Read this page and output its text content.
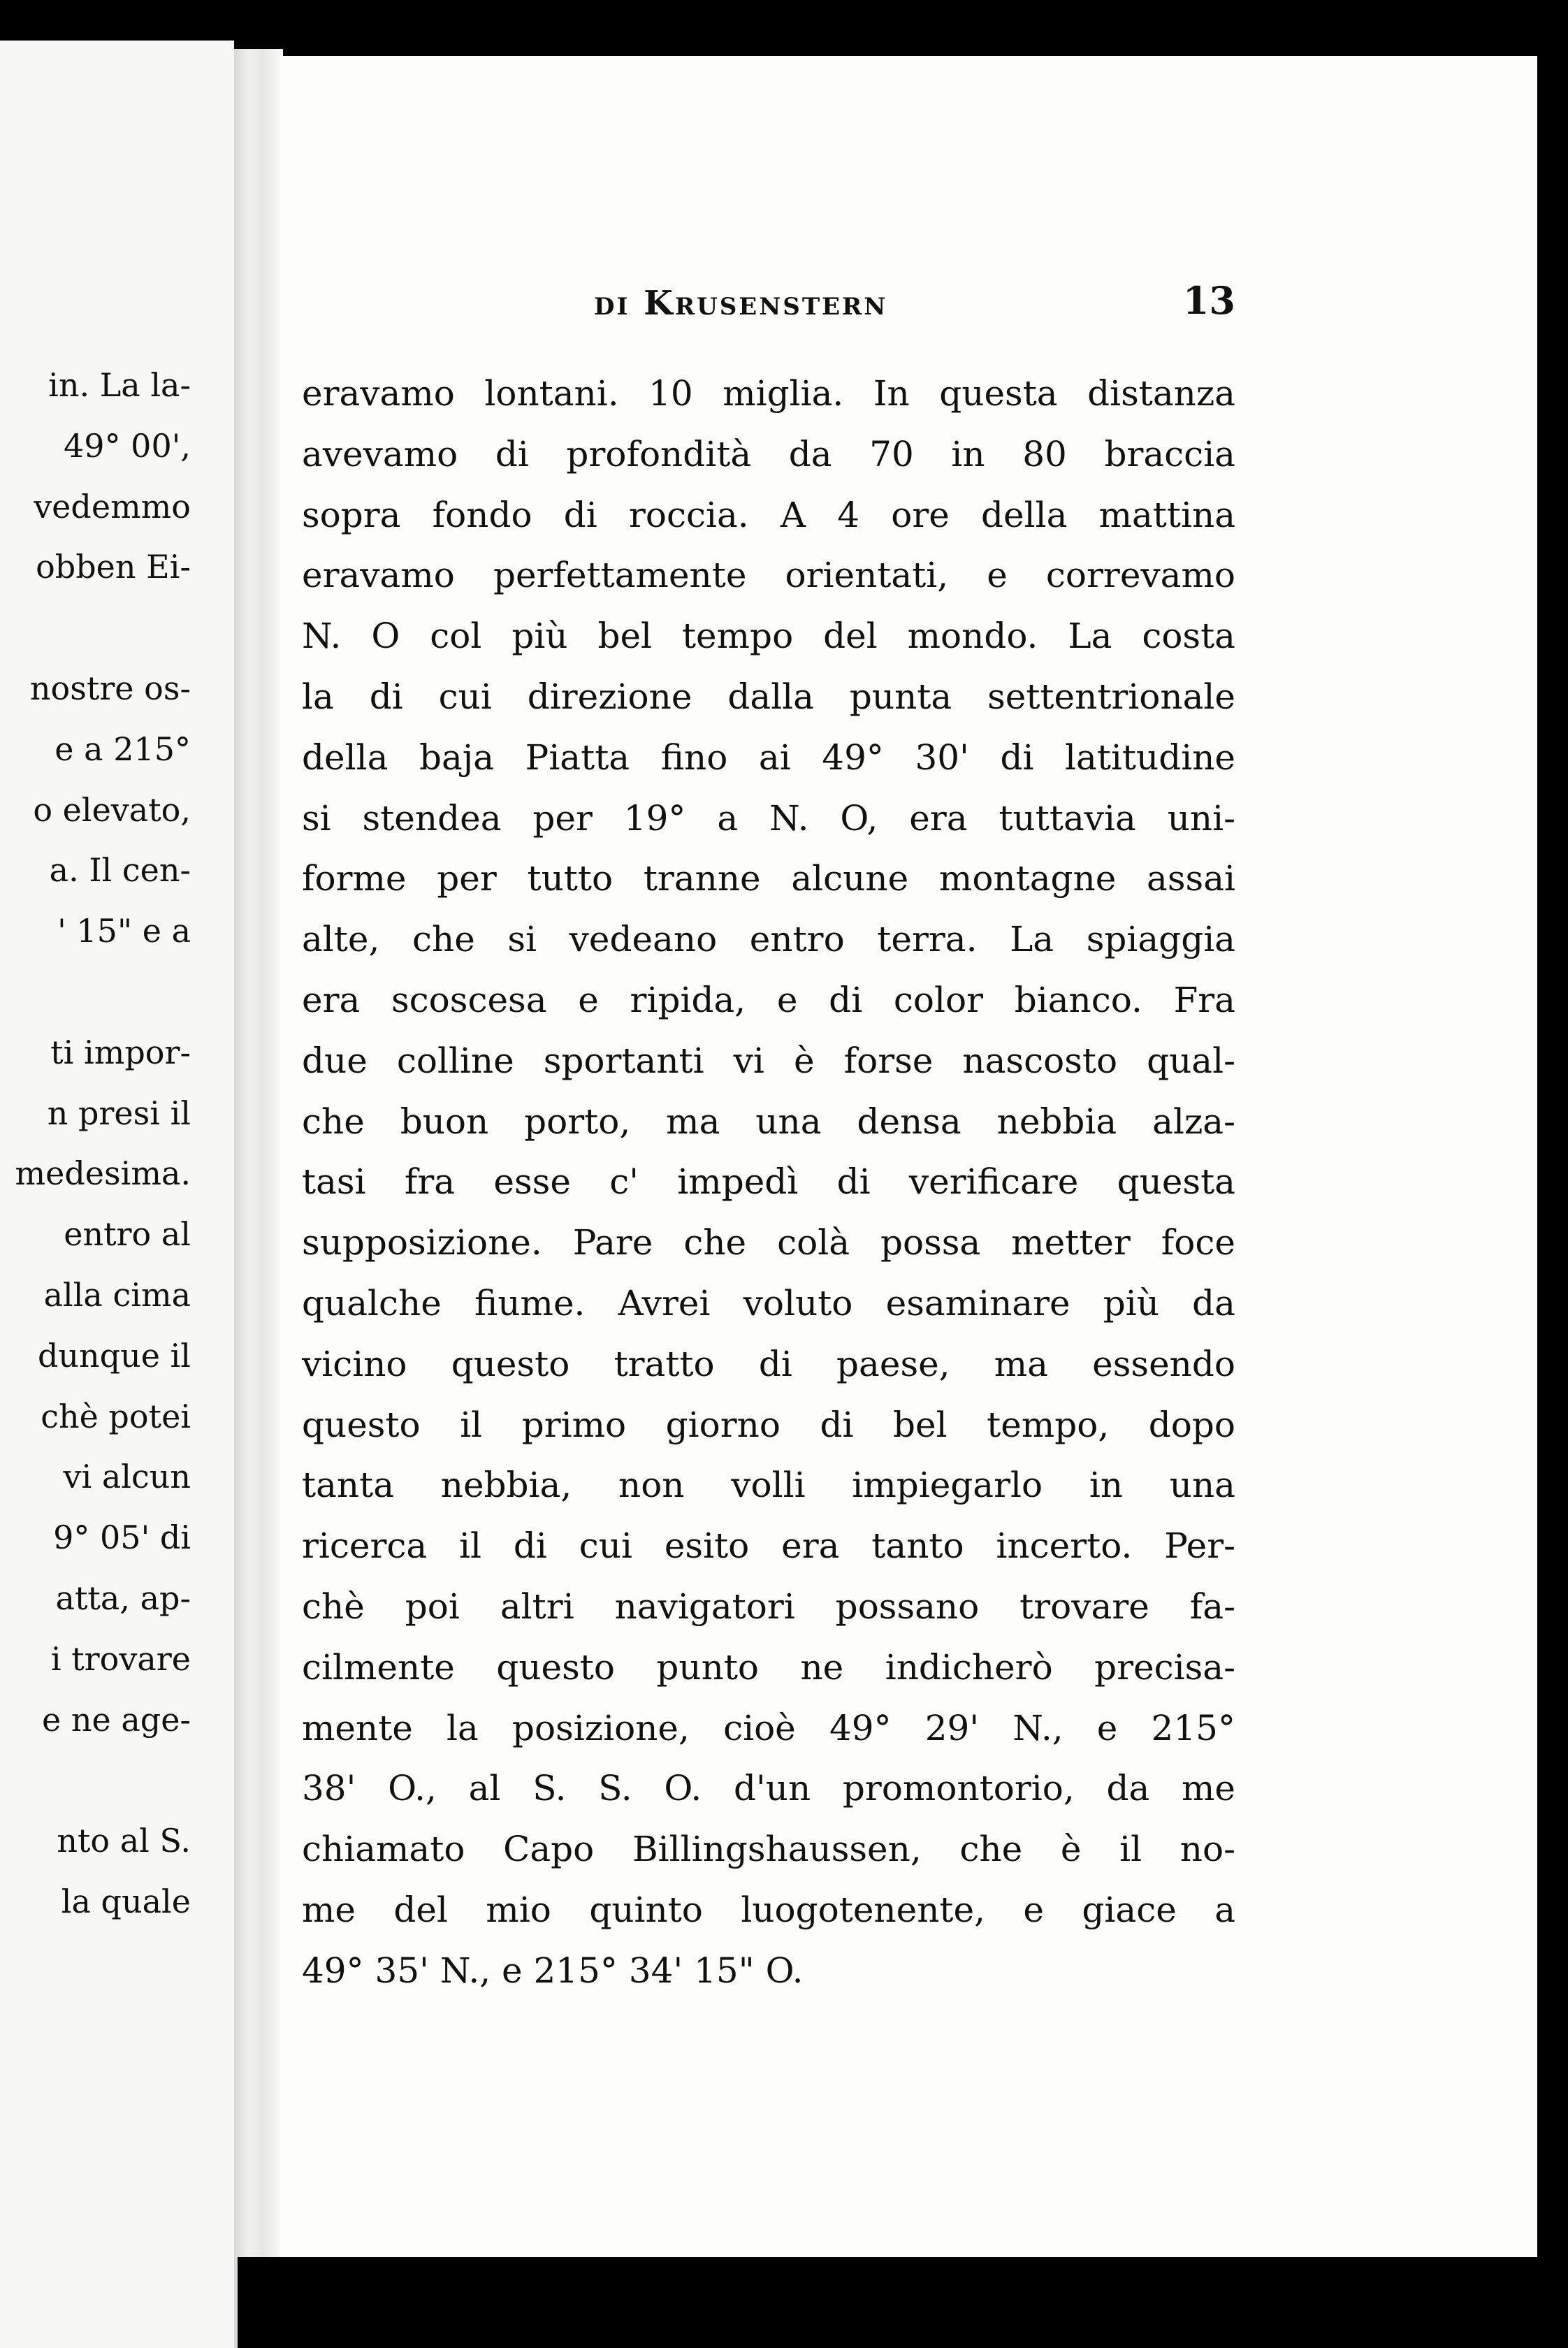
in. La la-
49° 00',
vedemmo
obben Ei-

nostre os-
e a 215°
o elevato,
a. Il cen-
' 15" e a

ti impor-
n presi il
medesima.
entro al
alla cima
dunque il
chè potei
vi alcun
9° 05' di
atta, ap-
i trovare
e ne age-

nto al S.
la quale
di Krusenstern	13
eravamo lontani. 10 miglia. In questa distanza
avevamo di profondità da 70 in 80 braccia
sopra fondo di roccia. A 4 ore della mattina
eravamo perfettamente orientati, e correvamo
N. O col più bel tempo del mondo. La costa
la di cui direzione dalla punta settentrionale
della baja Piatta fino ai 49° 30' di latitudine
si stendea per 19° a N. O, era tuttavia uni-
forme per tutto tranne alcune montagne assai
alte, che si vedeano entro terra. La spiaggia
era scoscesa e ripida, e di color bianco. Fra
due colline sportanti vi è forse nascosto qual-
che buon porto, ma una densa nebbia alza-
tasi fra esse c' impedì di verificare questa
supposizione. Pare che colà possa metter foce
qualche fiume. Avrei voluto esaminare più da
vicino questo tratto di paese, ma essendo
questo il primo giorno di bel tempo, dopo
tanta nebbia, non volli impiegarlo in una
ricerca il di cui esito era tanto incerto. Per-
chè poi altri navigatori possano trovare fa-
cilmente questo punto ne indicherò precisa-
mente la posizione, cioè 49° 29' N., e 215°
38' O., al S. S. O. d'un promontorio, da me
chiamato Capo Billingshaussen, che è il no-
me del mio quinto luogotenente, e giace a
49° 35' N., e 215° 34' 15" O.
